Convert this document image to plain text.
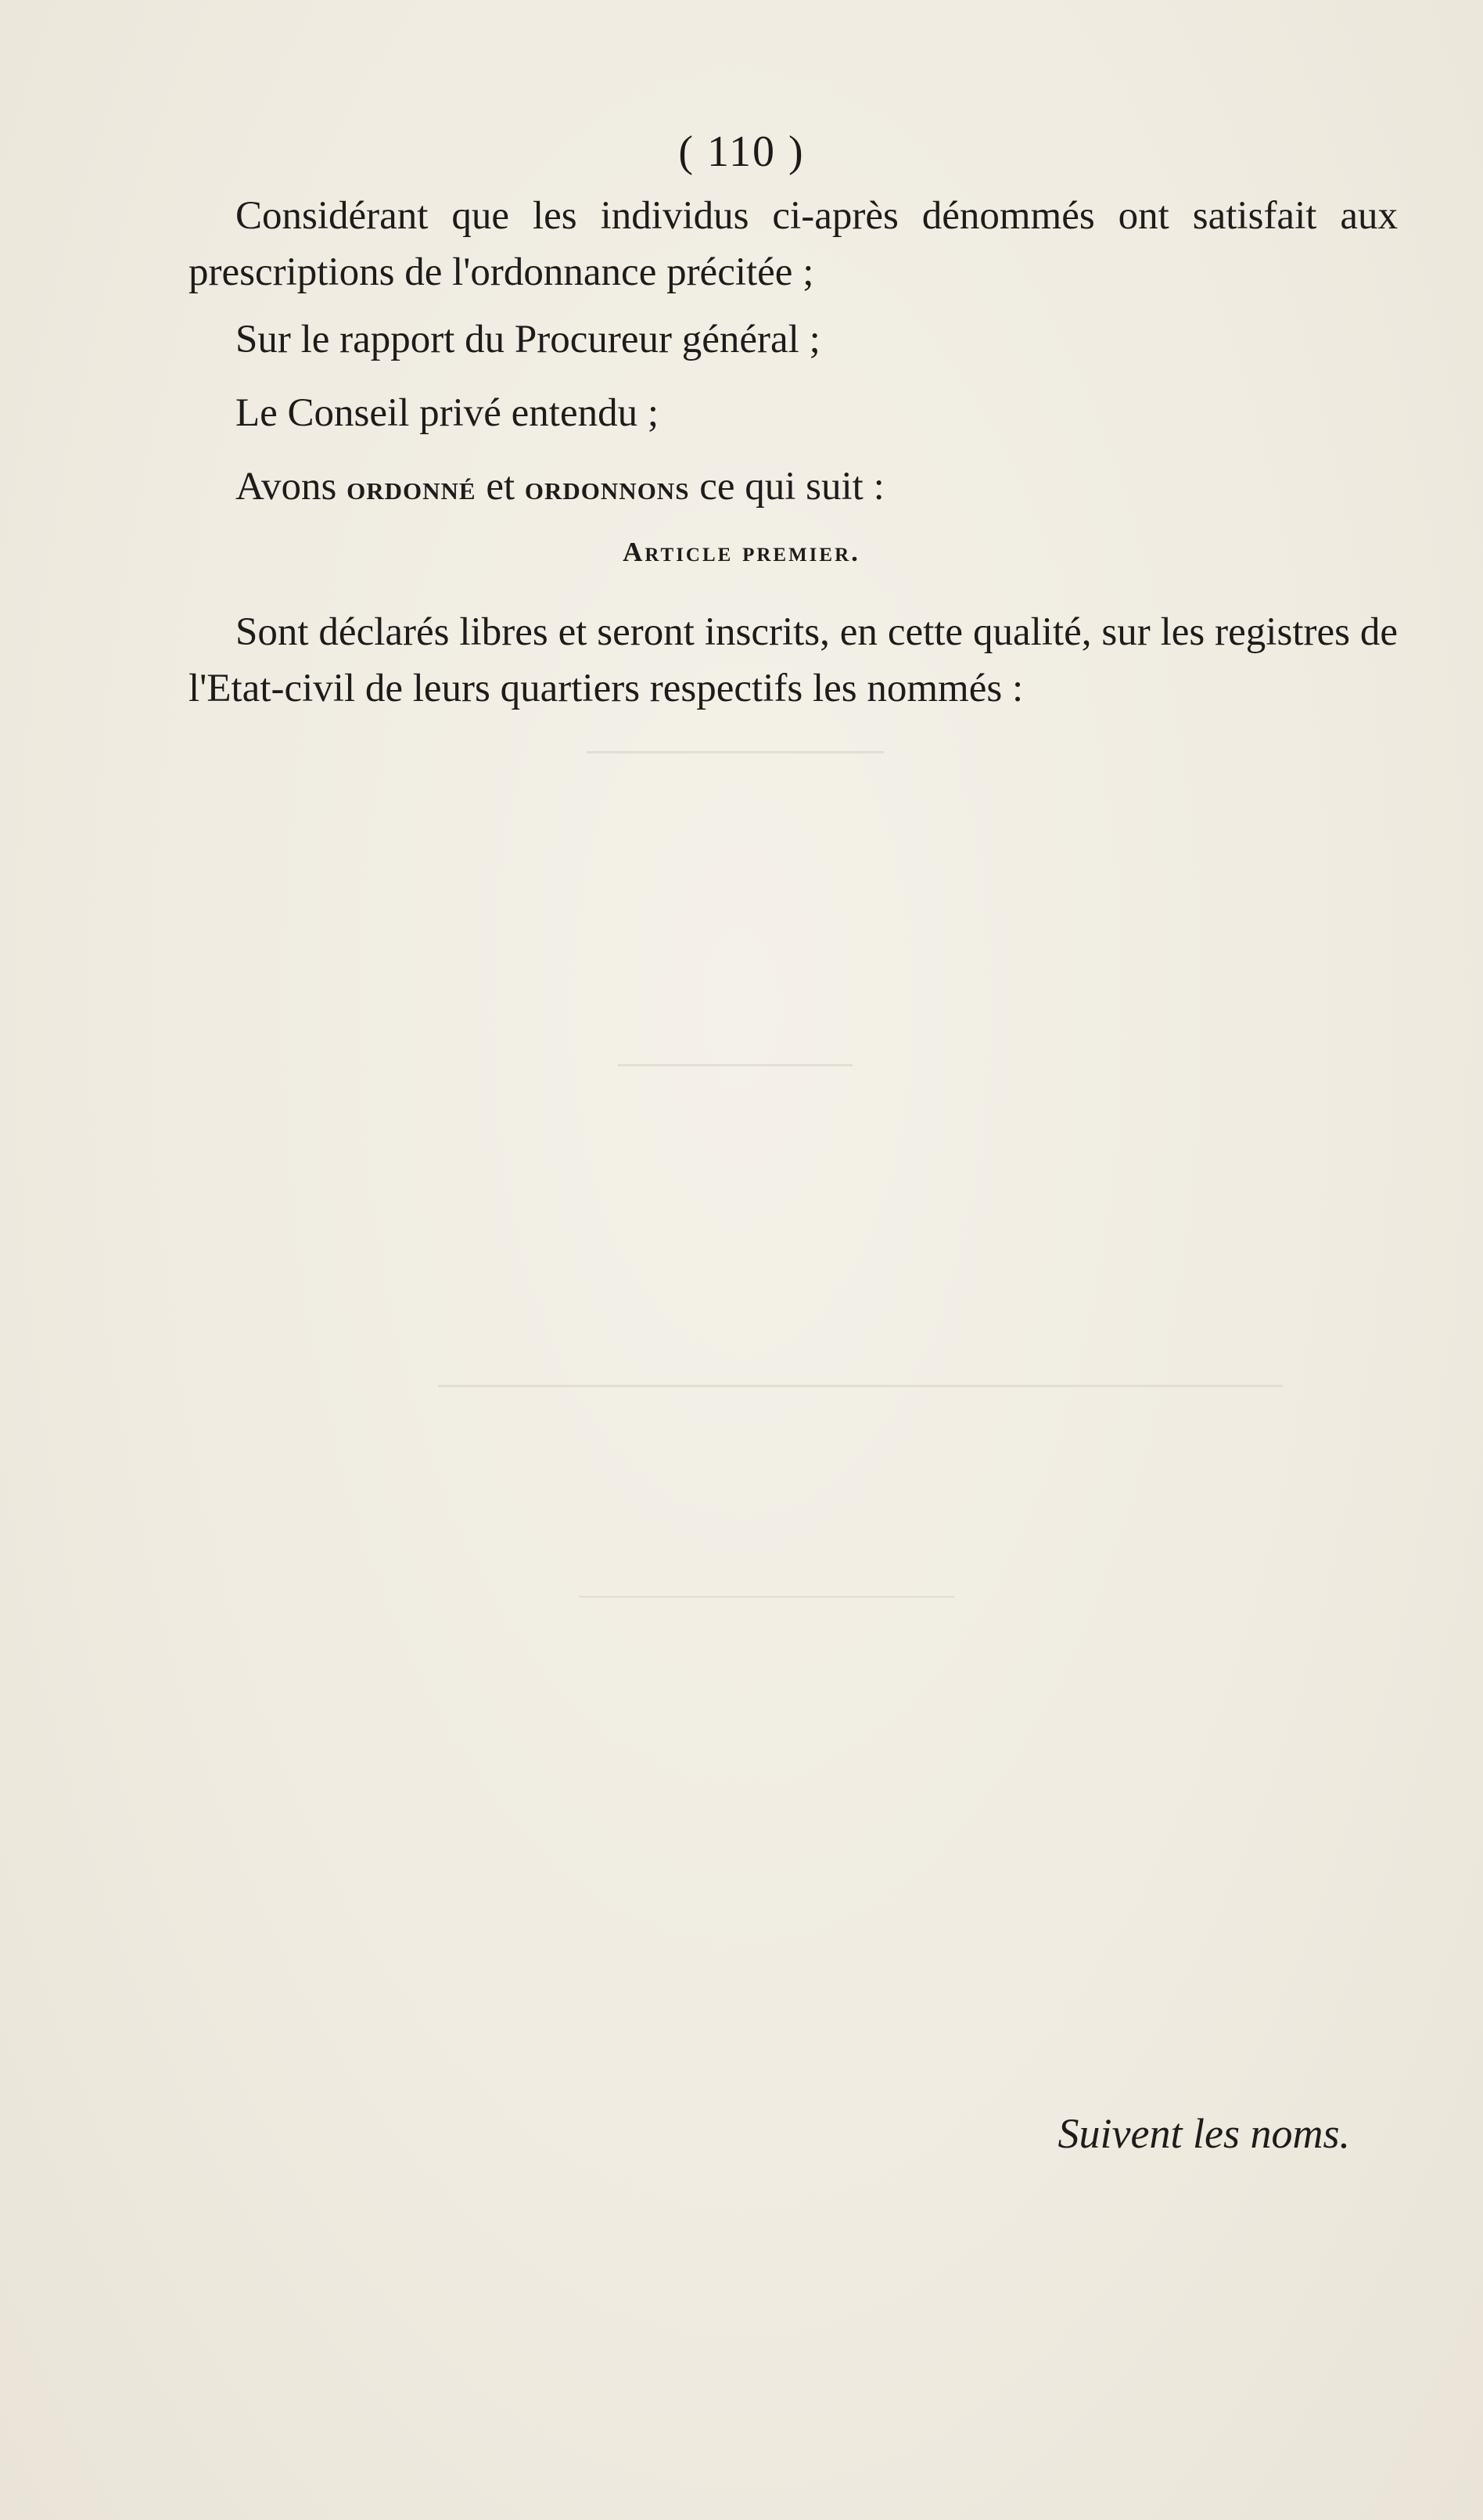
( 110 )
Considérant que les individus ci-après dénommés ont satisfait aux prescriptions de l'ordonnance précitée ;
Sur le rapport du Procureur général ;
Le Conseil privé entendu ;
Avons ordonné et ordonnons ce qui suit :
Article premier.
Sont déclarés libres et seront inscrits, en cette qualité, sur les registres de l'Etat-civil de leurs quartiers respectifs les nommés :
Suivent les noms.
